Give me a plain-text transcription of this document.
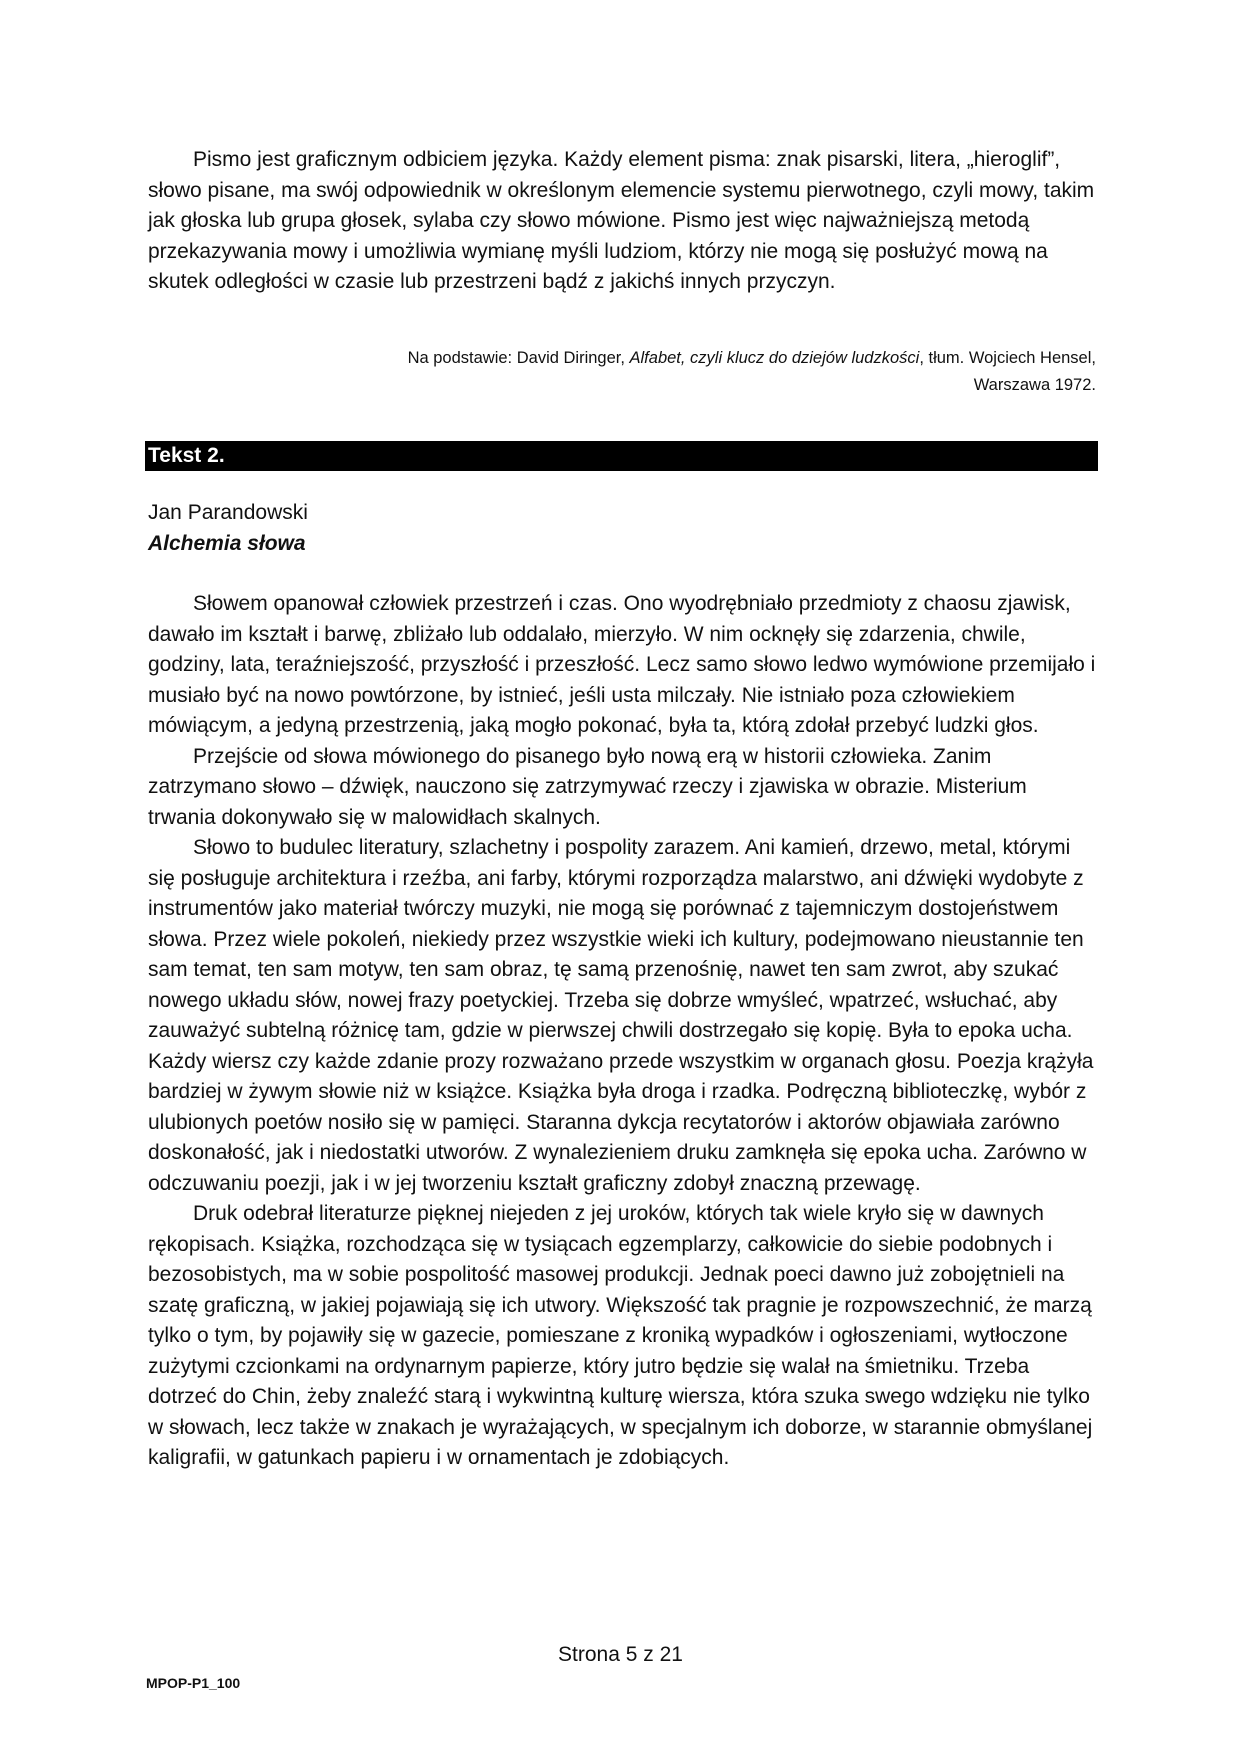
Pismo jest graficznym odbiciem języka. Każdy element pisma: znak pisarski, litera, „hieroglif”, słowo pisane, ma swój odpowiednik w określonym elemencie systemu pierwotnego, czyli mowy, takim jak głoska lub grupa głosek, sylaba czy słowo mówione. Pismo jest więc najważniejszą metodą przekazywania mowy i umożliwia wymianę myśli ludziom, którzy nie mogą się posłużyć mową na skutek odległości w czasie lub przestrzeni bądź z jakichś innych przyczyn.

Na podstawie: David Diringer, Alfabet, czyli klucz do dziejów ludzkości, tłum. Wojciech Hensel,
Warszawa 1972.
Tekst 2.
Jan Parandowski
Alchemia słowa

Słowem opanował człowiek przestrzeń i czas. Ono wyodrębniało przedmioty z chaosu zjawisk, dawało im kształt i barwę, zbliżało lub oddalało, mierzyło. W nim ocknęły się zdarzenia, chwile, godziny, lata, teraźniejszość, przyszłość i przeszłość. Lecz samo słowo ledwo wymówione przemijało i musiało być na nowo powtórzone, by istnieć, jeśli usta milczały. Nie istniało poza człowiekiem mówiącym, a jedyną przestrzenią, jaką mogło pokonać, była ta, którą zdołał przebyć ludzki głos.

Przejście od słowa mówionego do pisanego było nową erą w historii człowieka. Zanim zatrzymano słowo – dźwięk, nauczono się zatrzymywać rzeczy i zjawiska w obrazie. Misterium trwania dokonywało się w malowidłach skalnych.

Słowo to budulec literatury, szlachetny i pospolity zarazem. Ani kamień, drzewo, metal, którymi się posługuje architektura i rzeźba, ani farby, którymi rozporządza malarstwo, ani dźwięki wydobyte z instrumentów jako materiał twórczy muzyki, nie mogą się porównać z tajemniczym dostojeństwem słowa. Przez wiele pokoleń, niekiedy przez wszystkie wieki ich kultury, podejmowano nieustannie ten sam temat, ten sam motyw, ten sam obraz, tę samą przenośnię, nawet ten sam zwrot, aby szukać nowego układu słów, nowej frazy poetyckiej. Trzeba się dobrze wmyśleć, wpatrzeć, wsłuchać, aby zauważyć subtelną różnicę tam, gdzie w pierwszej chwili dostrzegało się kopię. Była to epoka ucha. Każdy wiersz czy każde zdanie prozy rozważano przede wszystkim w organach głosu. Poezja krążyła bardziej w żywym słowie niż w książce. Książka była droga i rzadka. Podręczną biblioteczkę, wybór z ulubionych poetów nosiło się w pamięci. Staranna dykcja recytatorów i aktorów objawiała zarówno doskonałość, jak i niedostatki utworów. Z wynalezieniem druku zamknęła się epoka ucha. Zarówno w odczuwaniu poezji, jak i w jej tworzeniu kształt graficzny zdobył znaczną przewagę.

Druk odebrał literaturze pięknej niejeden z jej uroków, których tak wiele kryło się w dawnych rękopisach. Książka, rozchodząca się w tysiącach egzemplarzy, całkowicie do siebie podobnych i bezosobistych, ma w sobie pospolitość masowej produkcji. Jednak poeci dawno już zobojętnieli na szatę graficzną, w jakiej pojawiają się ich utwory. Większość tak pragnie je rozpowszechnić, że marzą tylko o tym, by pojawiły się w gazecie, pomieszane z kroniką wypadków i ogłoszeniami, wytłoczone zużytymi czcionkami na ordynarnym papierze, który jutro będzie się walał na śmietniku. Trzeba dotrzeć do Chin, żeby znaleźć starą i wykwintną kulturę wiersza, która szuka swego wdzięku nie tylko w słowach, lecz także w znakach je wyrażających, w specjalnym ich doborze, w starannie obmyślanej kaligrafii, w gatunkach papieru i w ornamentach je zdobiących.

Strona 5 z 21
MPOP-P1_100
